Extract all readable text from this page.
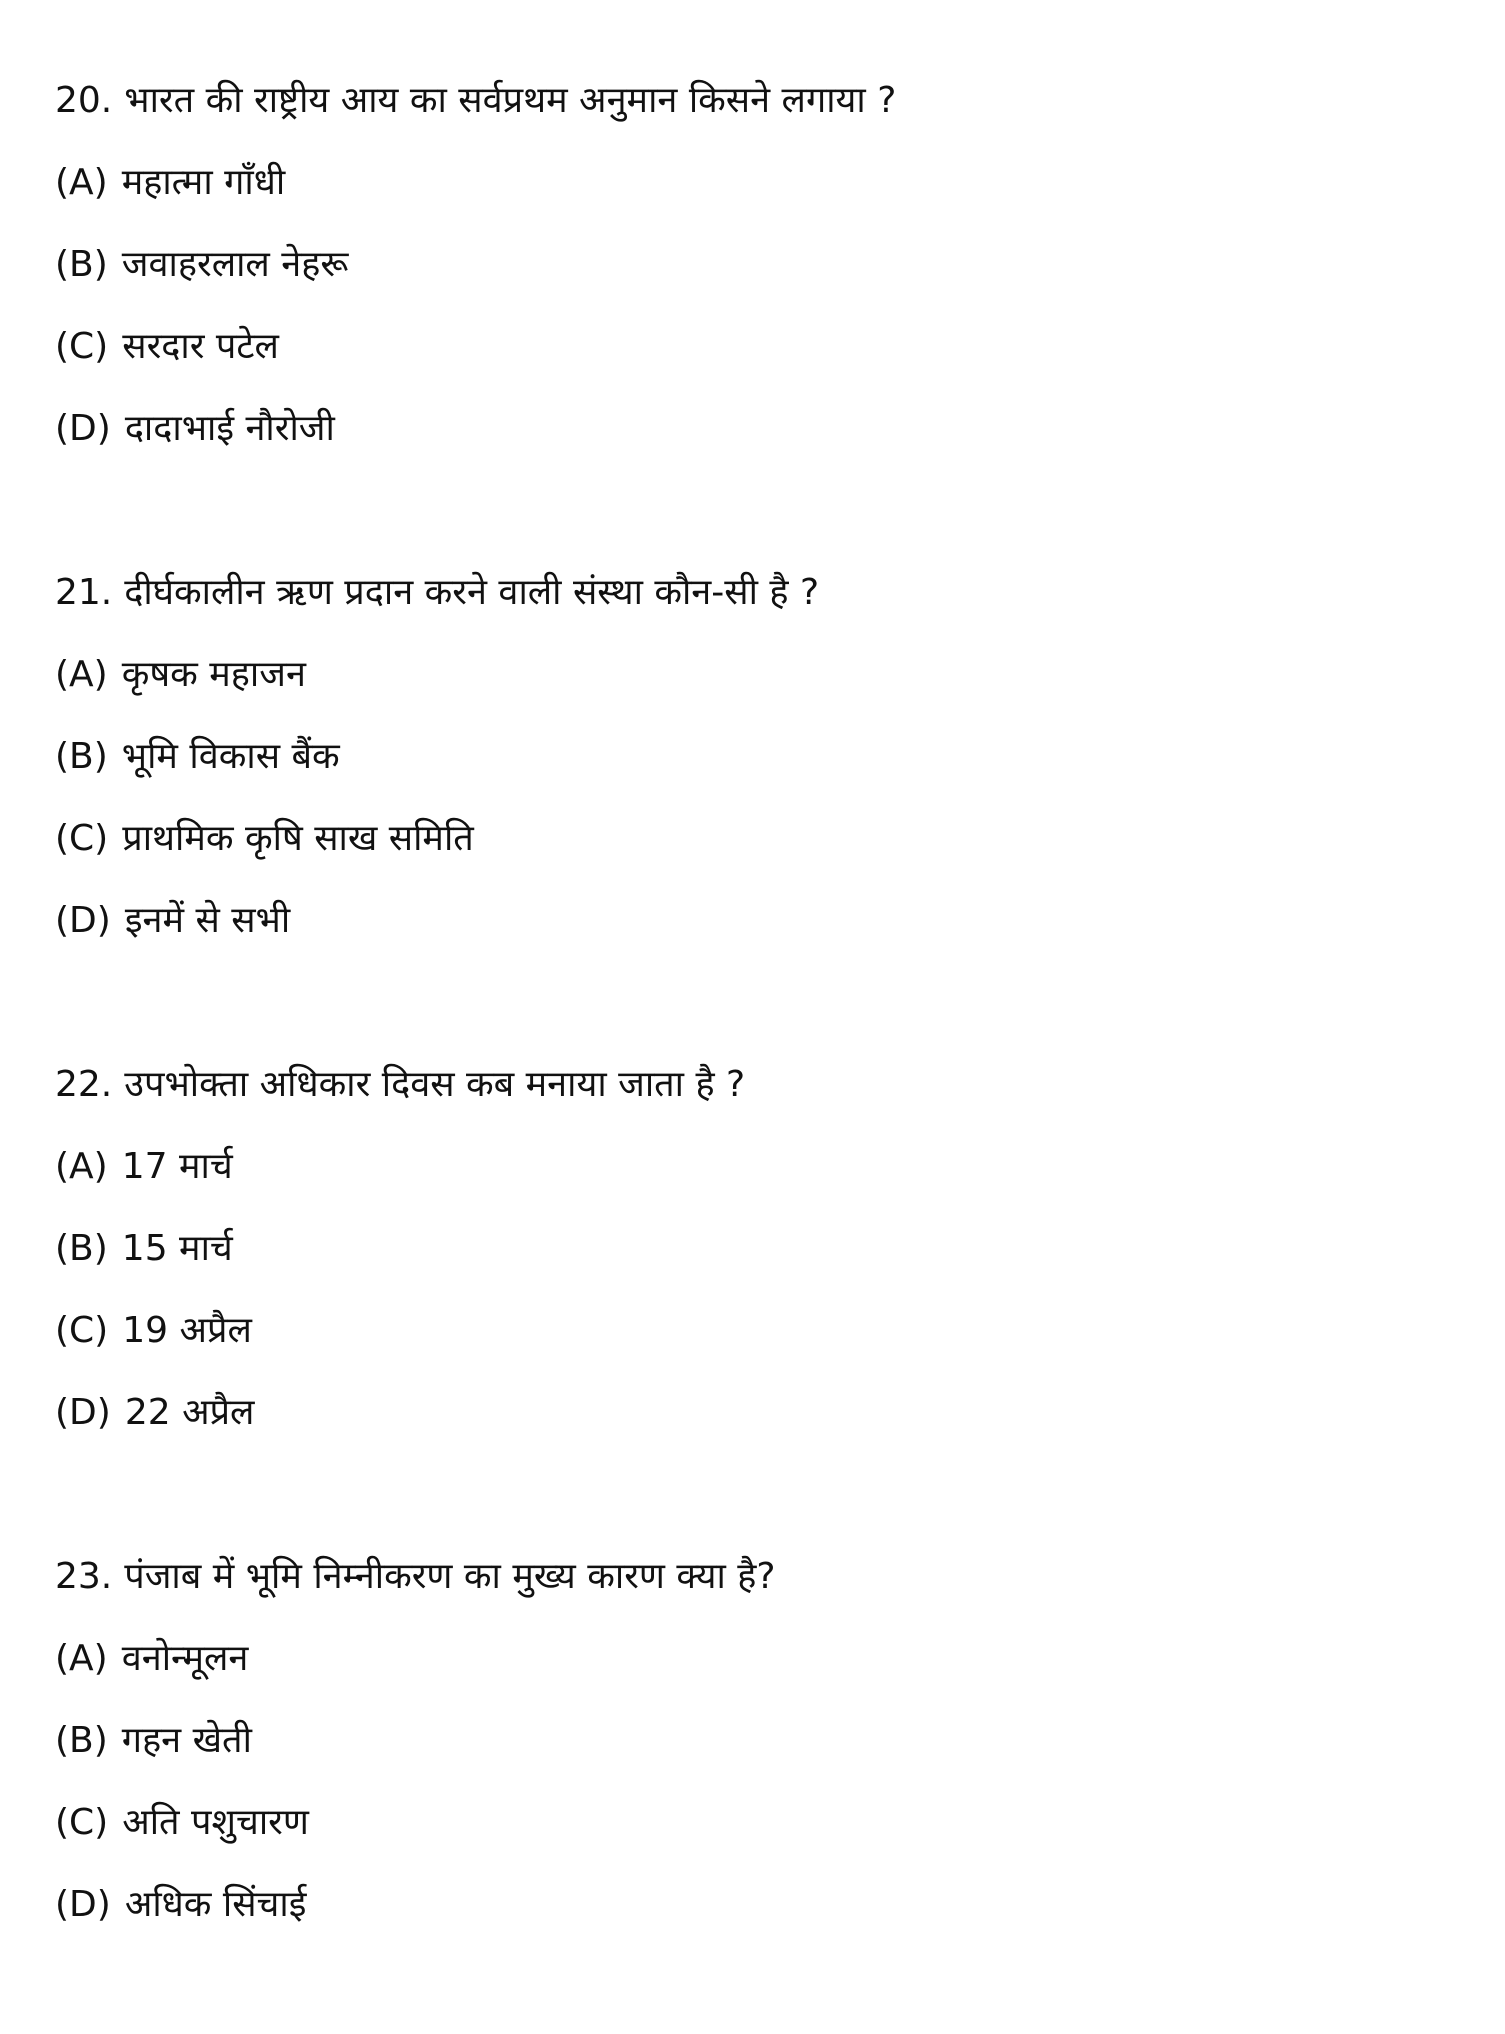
20. भारत की राष्ट्रीय आय का सर्वप्रथम अनुमान किसने लगाया ?
(A) महात्मा गाँधी
(B) जवाहरलाल नेहरू
(C) सरदार पटेल
(D) दादाभाई नौरोजी
21. दीर्घकालीन ऋण प्रदान करने वाली संस्था कौन-सी है ?
(A) कृषक महाजन
(B) भूमि विकास बैंक
(C) प्राथमिक कृषि साख समिति
(D) इनमें से सभी
22. उपभोक्ता अधिकार दिवस कब मनाया जाता है ?
(A) 17 मार्च
(B) 15 मार्च
(C) 19 अप्रैल
(D) 22 अप्रैल
23. पंजाब में भूमि निम्नीकरण का मुख्य कारण क्या है?
(A) वनोन्मूलन
(B) गहन खेती
(C) अति पशुचारण
(D) अधिक सिंचाई
